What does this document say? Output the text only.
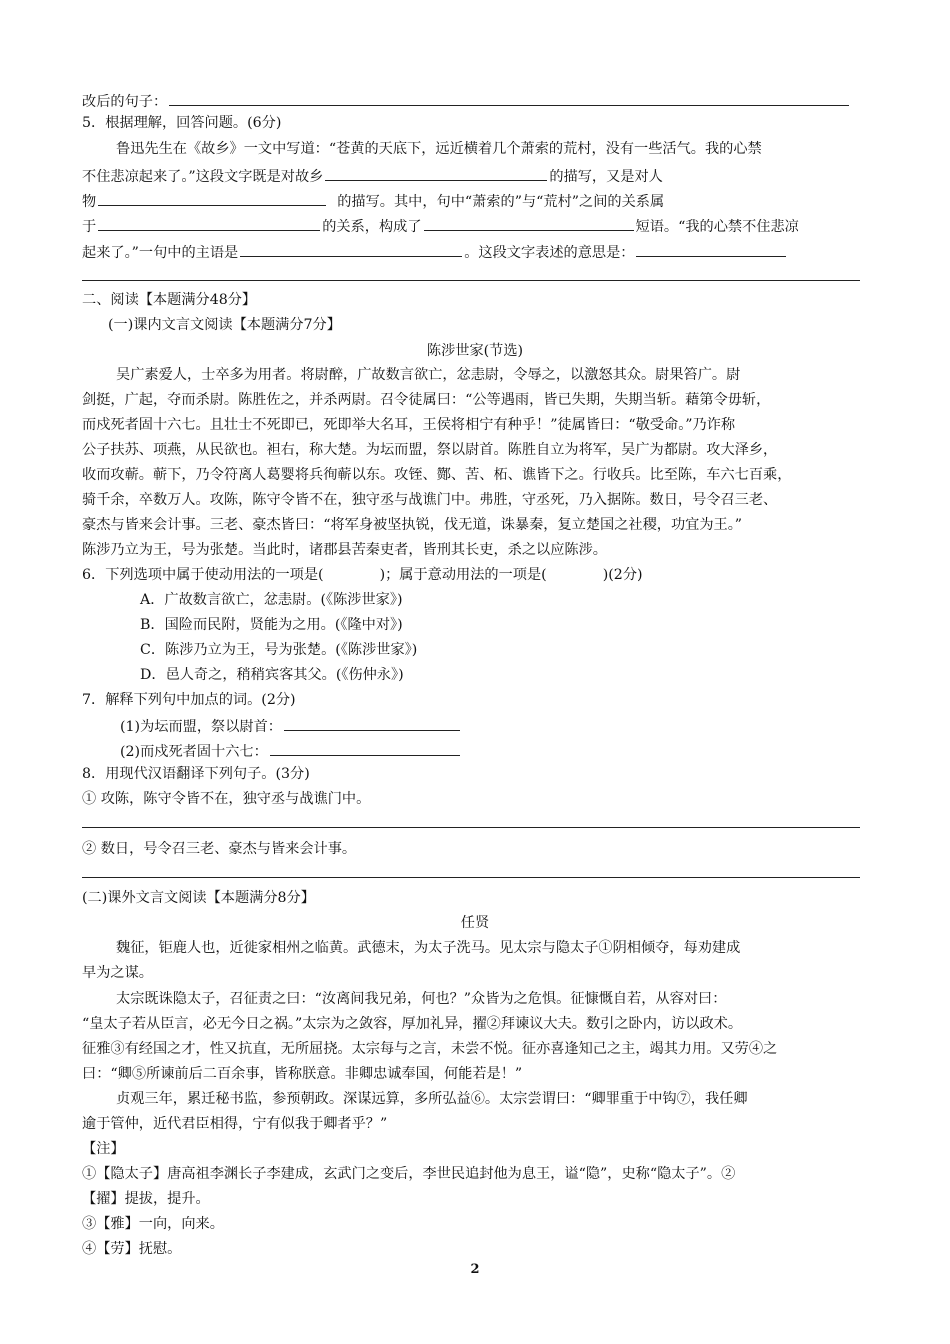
改后的句子：
5．根据理解，回答问题。(6分)
鲁迅先生在《故乡》一文中写道：“苍黄的天底下，远近横着几个萧索的荒村，没有一些活气。我的心禁
不住悲凉起来了。”这段文字既是对故乡	的描写，又是对人
物	的描写。其中，句中“萧索的”与“荒村”之间的关系属
于	的关系，构成了	短语。“我的心禁不住悲凉
起来了。”一句中的主语是	。这段文字表述的意思是：
二、阅读【本题满分48分】
(一)课内文言文阅读【本题满分7分】
陈涉世家(节选)
吴广素爱人，士卒多为用者。将尉醉，广故数言欲亡，忿恚尉，令辱之，以激怒其众。尉果笞广。尉
剑挺，广起，夺而杀尉。陈胜佐之，并杀两尉。召令徒属曰：“公等遇雨，皆已失期，失期当斩。藉第令毋斩，
而戍死者固十六七。且壮士不死即已，死即举大名耳，王侯将相宁有种乎！”徒属皆曰：“敬受命。”乃诈称
公子扶苏、项燕，从民欲也。袒右，称大楚。为坛而盟，祭以尉首。陈胜自立为将军，吴广为都尉。攻大泽乡，
收而攻蕲。蕲下，乃令符离人葛婴将兵徇蕲以东。攻铚、酂、苦、柘、谯皆下之。行收兵。比至陈，车六七百乘，
骑千余，卒数万人。攻陈，陈守令皆不在，独守丞与战谯门中。弗胜，守丞死，乃入据陈。数日，号令召三老、
豪杰与皆来会计事。三老、豪杰皆曰：“将军身被坚执锐，伐无道，诛暴秦，复立楚国之社稷，功宜为王。”
陈涉乃立为王，号为张楚。当此时，诸郡县苦秦吏者，皆刑其长吏，杀之以应陈涉。
6．下列选项中属于使动用法的一项是(	)；属于意动用法的一项是(	)(2分)
A．广故数言欲亡，忿恚尉。(《陈涉世家》)
B．国险而民附，贤能为之用。(《隆中对》)
C．陈涉乃立为王，号为张楚。(《陈涉世家》)
D．邑人奇之，稍稍宾客其父。(《伤仲永》)
7．解释下列句中加点的词。(2分)
(1)为坛而盟，祭以尉首：
(2)而戍死者固十六七：
8．用现代汉语翻译下列句子。(3分)
① 攻陈，陈守令皆不在，独守丞与战谯门中。
② 数日，号令召三老、豪杰与皆来会计事。
(二)课外文言文阅读【本题满分8分】
任贤
魏征，钜鹿人也，近徙家相州之临黄。武德末，为太子洗马。见太宗与隐太子①阴相倾夺，每劝建成
早为之谋。
太宗既诛隐太子，召征责之曰：“汝离间我兄弟，何也？”众皆为之危惧。征慷慨自若，从容对曰：
“皇太子若从臣言，必无今日之祸。”太宗为之敛容，厚加礼异，擢②拜谏议大夫。数引之卧内，访以政术。
征雅③有经国之才，性又抗直，无所屈挠。太宗每与之言，未尝不悦。征亦喜逢知己之主，竭其力用。又劳④之
曰：“卿⑤所谏前后二百余事，皆称朕意。非卿忠诚奉国，何能若是！”
贞观三年，累迁秘书监，参预朝政。深谋远算，多所弘益⑥。太宗尝谓曰：“卿罪重于中钩⑦，我任卿
逾于管仲，近代君臣相得，宁有似我于卿者乎？”
【注】
①【隐太子】唐高祖李渊长子李建成，玄武门之变后，李世民追封他为息王，谥“隐”，史称“隐太子”。②
【擢】提拔，提升。
③【雅】一向，向来。
④【劳】抚慰。
2
